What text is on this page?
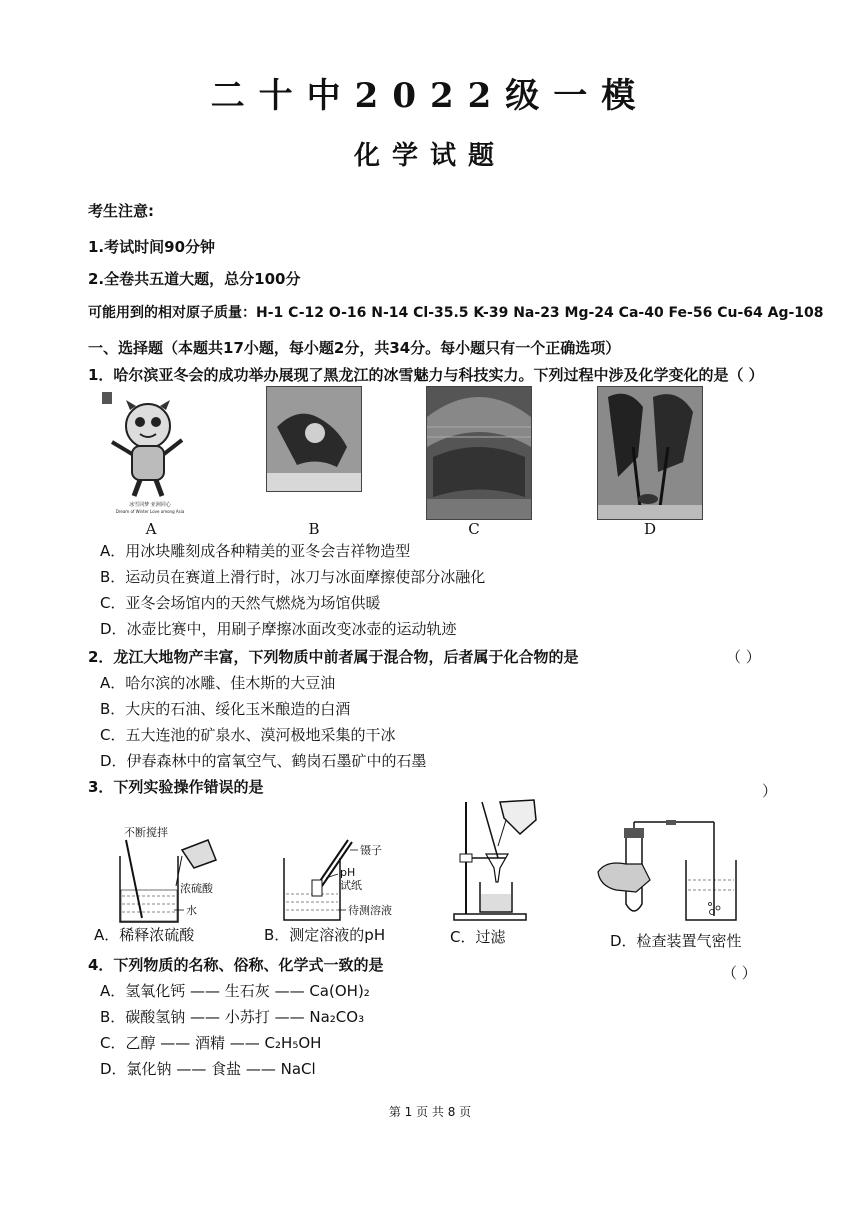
二十中2022级一模
化学试题
考生注意:
1.考试时间90分钟
2.全卷共五道大题，总分100分
可能用到的相对原子质量：H-1 C-12 O-16 N-14 Cl-35.5 K-39 Na-23 Mg-24 Ca-40 Fe-56 Cu-64 Ag-108
一、选择题（本题共17小题，每小题2分，共34分。每小题只有一个正确选项）
1．哈尔滨亚冬会的成功举办展现了黑龙江的冰雪魅力与科技实力。下列过程中涉及化学变化的是（ ）
冰雪同梦 亚洲同心
Dream of Winter Love among Asia
A	B	C	D
A．用冰块雕刻成各种精美的亚冬会吉祥物造型
B．运动员在赛道上滑行时，冰刀与冰面摩擦使部分冰融化
C．亚冬会场馆内的天然气燃烧为场馆供暖
D．冰壶比赛中，用刷子摩擦冰面改变冰壶的运动轨迹
2．龙江大地物产丰富，下列物质中前者属于混合物，后者属于化合物的是	（ ）
A．哈尔滨的冰雕、佳木斯的大豆油
B．大庆的石油、绥化玉米酿造的白酒
C．五大连池的矿泉水、漠河极地采集的干冰
D．伊春森林中的富氧空气、鹤岗石墨矿中的石墨
3．下列实验操作错误的是	）
不断搅拌
浓硫酸
水
镊子
pH
试纸
待测溶液
A．稀释浓硫酸	B．测定溶液的pH	C．过滤	D．检查装置气密性
4．下列物质的名称、俗称、化学式一致的是	（ ）
A．氢氧化钙 —— 生石灰 —— Ca(OH)₂
B．碳酸氢钠 —— 小苏打 —— Na₂CO₃
C．乙醇 —— 酒精 —— C₂H₅OH
D．氯化钠 —— 食盐 —— NaCl
第 1 页 共 8 页
